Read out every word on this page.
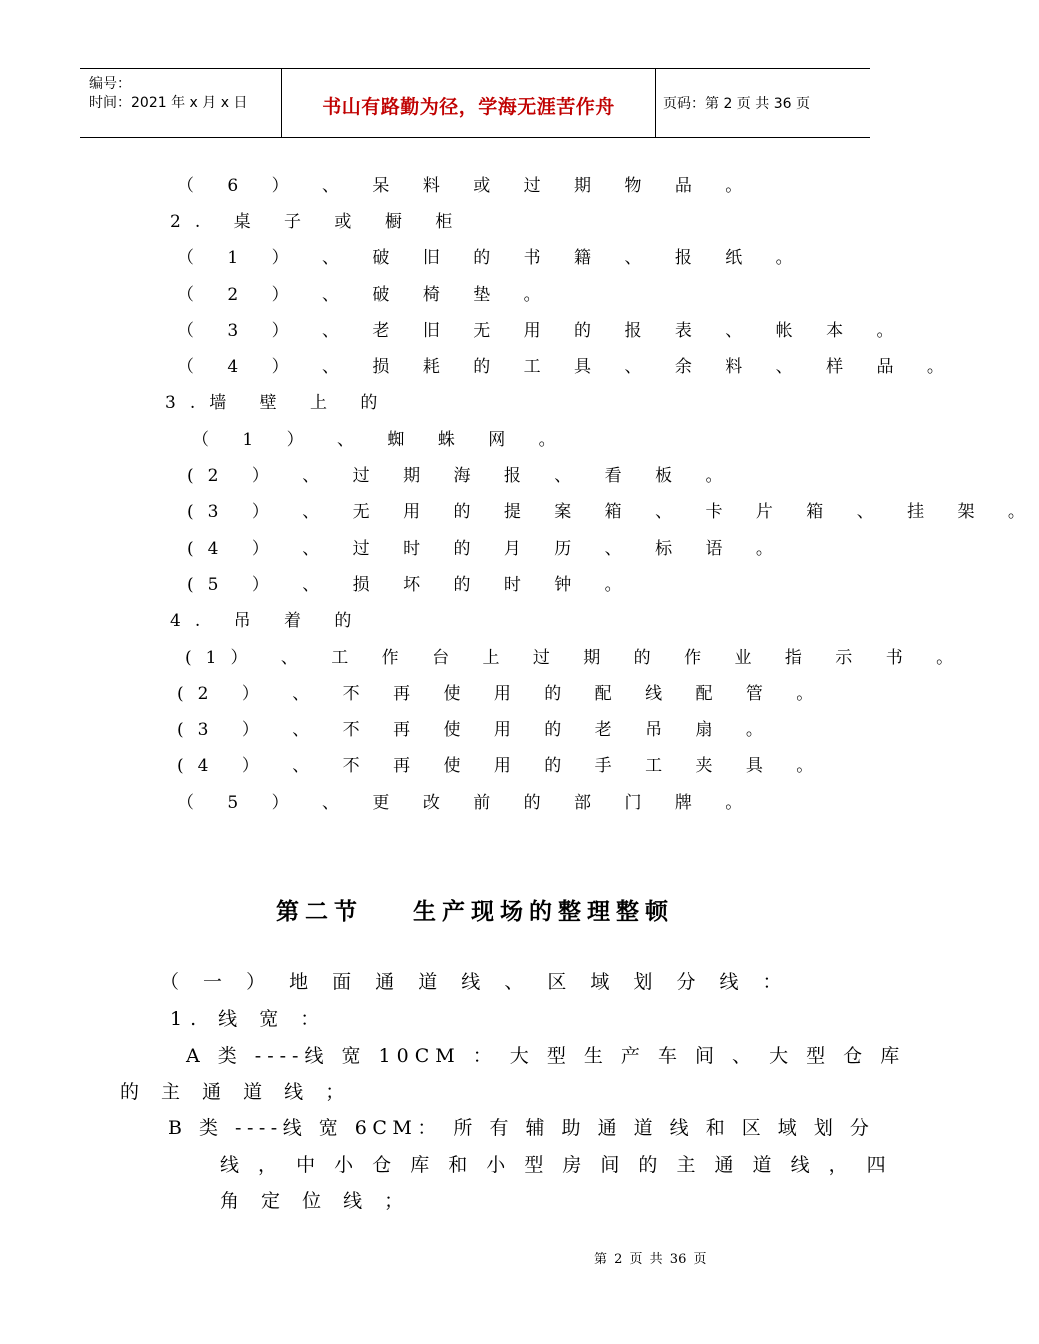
编号：
时间：2021 年 x 月 x 日	书山有路勤为径，学海无涯苦作舟	页码：第 2 页 共 36 页
（ 6 ） 、 呆 料 或 过 期 物 品 。
2. 桌 子 或 橱 柜
（ 1 ） 、 破 旧 的 书 籍 、 报 纸 。
（ 2 ） 、 破 椅 垫 。
（ 3 ） 、 老 旧 无 用 的 报 表 、 帐 本 。
（ 4 ） 、 损 耗 的 工 具 、 余 料 、 样 品 。
3.墙 壁 上 的
（ 1 ） 、 蜘 蛛 网 。
(2 ） 、 过 期 海 报 、 看 板 。
(3 ） 、 无 用 的 提 案 箱 、 卡 片 箱 、 挂 架 。
(4 ） 、 过 时 的 月 历 、 标 语 。
(5 ） 、 损 坏 的 时 钟 。
4. 吊 着 的
(1） 、 工 作 台 上 过 期 的 作 业 指 示 书 。
(2 ） 、 不 再 使 用 的 配 线 配 管 。
(3 ） 、 不 再 使 用 的 老 吊 扇 。
(4 ） 、 不 再 使 用 的 手 工 夹 具 。
（ 5 ） 、 更 改 前 的 部 门 牌 。
第二节 生产现场的整理整顿
（ 一 ） 地 面 通 道 线 、 区 域 划 分 线 ：
1. 线 宽 ：
A 类 ----线 宽 10CM ： 大 型 生 产 车 间 、 大 型 仓 库
的 主 通 道 线 ；
B 类 ----线 宽 6CM： 所 有 辅 助 通 道 线 和 区 域 划 分
线 ， 中 小 仓 库 和 小 型 房 间 的 主 通 道 线 ， 四
角 定 位 线 ；
第 2 页 共 36 页
